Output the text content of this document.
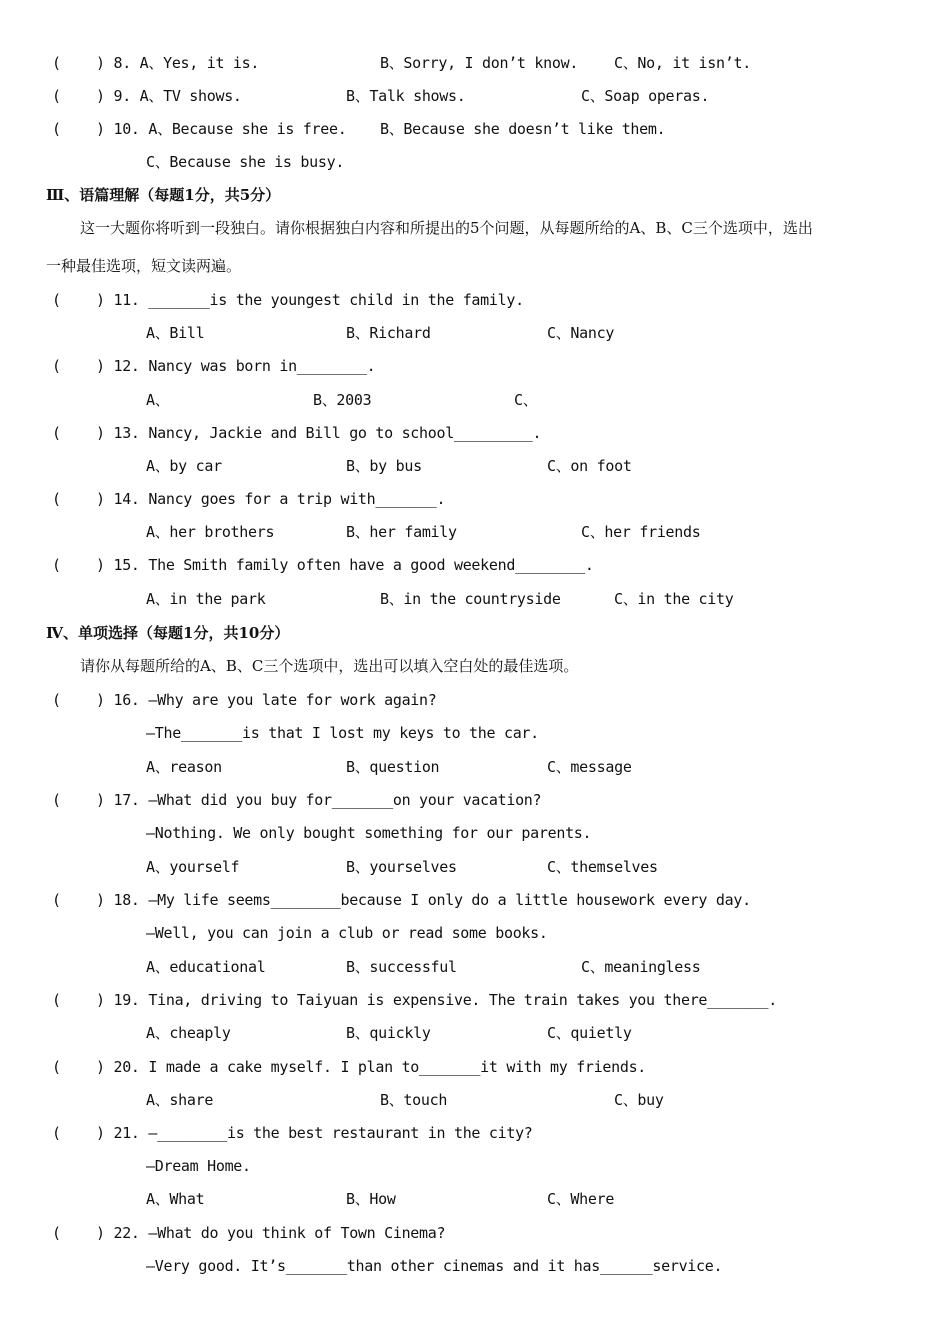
( ) 8. A、Yes, it is.	B、Sorry, I don’t know. C、No, it isn’t.
( ) 9. A、TV shows.	B、Talk shows.	C、Soap operas.
( ) 10. A、Because she is free. B、Because she doesn’t like them.
C、Because she is busy.
Ⅲ、语篇理解（每题1分，共5分）
这一大题你将听到一段独白。请你根据独白内容和所提出的5个问题，从每题所给的A、B、C三个选项中，选出
一种最佳选项，短文读两遍。
( ) 11. _______is the youngest child in the family.
A、Bill	B、Richard	C、Nancy
( ) 12. Nancy was born in________.
A、	B、2003	C、
( ) 13. Nancy, Jackie and Bill go to school_________.
A、by car	B、by bus	C、on foot
( ) 14. Nancy goes for a trip with_______.
A、her brothers	B、her family	C、her friends
( ) 15. The Smith family often have a good weekend________.
A、in the park	B、in the countryside	C、in the city
Ⅳ、单项选择（每题1分，共10分）
请你从每题所给的A、B、C三个选项中，选出可以填入空白处的最佳选项。
( ) 16. —Why are you late for work again?
—The_______is that I lost my keys to the car.
A、reason	B、question	C、message
( ) 17. —What did you buy for_______on your vacation?
—Nothing. We only bought something for our parents.
A、yourself	B、yourselves	C、themselves
( ) 18. —My life seems________because I only do a little housework every day.
—Well, you can join a club or read some books.
A、educational	B、successful	C、meaningless
( ) 19. Tina, driving to Taiyuan is expensive. The train takes you there_______.
A、cheaply	B、quickly	C、quietly
( ) 20. I made a cake myself. I plan to_______it with my friends.
A、share	B、touch	C、buy
( ) 21. —________is the best restaurant in the city?
—Dream Home.
A、What	B、How	C、Where
( ) 22. —What do you think of Town Cinema?
—Very good. It’s_______than other cinemas and it has______service.
